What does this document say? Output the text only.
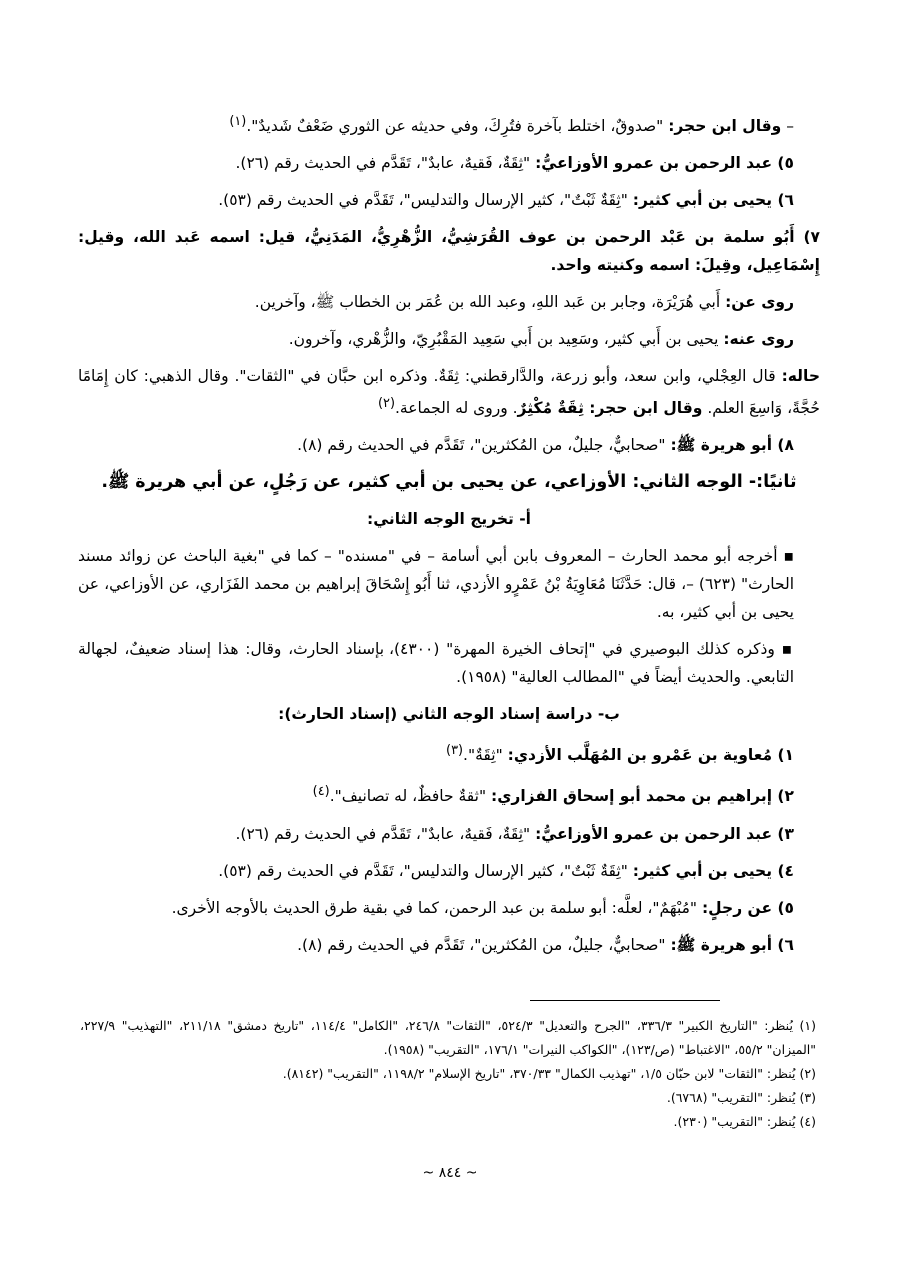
– وقال ابن حجر: "صدوقٌ، اختلط بآخرة فتُرِكَ، وفي حديثه عن الثوري ضَعْفٌ شَديدٌ".$^{(١)}$

٥) عبد الرحمن بن عمرو الأوزاعيُّ: "ثِقَةٌ، فَقيهٌ، عابدٌ"، تَقَدَّم في الحديث رقم (٢٦).

٦) يحيى بن أبي كثير: "ثِقَةٌ ثَبْتٌ"، كثير الإرسال والتدليس"، تَقَدَّم في الحديث رقم (٥٣).

٧) أَبُو سلمة بن عَبْد الرحمن بن عوف القُرَشِيُّ، الزُّهْرِيُّ، المَدَنِيُّ، قيل: اسمه عَبد الله، وقيل: إِسْمَاعِيل، وقِيلَ: اسمه وكنيته واحد.

روى عن: أَبي هُرَيْرَة، وجابر بن عَبد اللهِ، وعبد الله بن عُمَر بن الخطاب ﷺ، وآخرين.

روى عنه: يحيى بن أَبي كثير، وسَعِيد بن أَبي سَعِيد المَقْبُرِيّ، والزُّهْري، وآخرون.

حاله: قال العِجْلي، وابن سعد، وأبو زرعة، والدَّارقطني: ثِقَةٌ. وذكره ابن حبَّان في "الثقات". وقال الذهبي: كان إِمَامًا حُجَّةً، وَاسِعَ العلم. وقال ابن حجر: ثِقَةٌ مُكْثِرٌ. وروى له الجماعة.$^{(٢)}$

٨) أبو هريرة ﷺ: "صحابيٌّ، جليلٌ، من المُكثرين"، تَقَدَّم في الحديث رقم (٨).

ثانيًا:- الوجه الثاني: الأوزاعي، عن يحيى بن أبي كثير، عن رَجُلٍ، عن أبي هريرة ﷺ.

أ- تخريج الوجه الثاني:

▪ أخرجه أبو محمد الحارث – المعروف بابن أبي أسامة – في "مسنده" – كما في "بغية الباحث عن زوائد مسند الحارث" (٦٢٣) –، قال: حَدَّثَنَا مُعَاوِيَةُ بْنُ عَمْرٍو الأزدي، ثنا أَبُو إِسْحَاقَ إبراهيم بن محمد الفَزَاري، عن الأوزاعي، عن يحيى بن أبي كثير، به.

▪ وذكره كذلك البوصيري في "إتحاف الخيرة المهرة" (٤٣٠٠)، بإسناد الحارث، وقال: هذا إسناد ضعيفٌ، لجهالة التابعي. والحديث أيضاً في "المطالب العالية" (١٩٥٨).

ب- دراسة إسناد الوجه الثاني (إسناد الحارث):

١) مُعاوية بن عَمْرو بن المُهَلَّب الأزدي: "ثِقَةٌ".$^{(٣)}$

٢) إبراهيم بن محمد أبو إسحاق الفزاري: "ثقةٌ حافظٌ، له تصانيف".$^{(٤)}$

٣) عبد الرحمن بن عمرو الأوزاعيُّ: "ثِقَةٌ، فَقيهٌ، عابدٌ"، تَقَدَّم في الحديث رقم (٢٦).

٤) يحيى بن أبي كثير: "ثِقَةٌ ثَبْتٌ"، كثير الإرسال والتدليس"، تَقَدَّم في الحديث رقم (٥٣).

٥) عن رجلٍ: "مُبْهَمٌ"، لعلَّه: أبو سلمة بن عبد الرحمن، كما في بقية طرق الحديث بالأوجه الأخرى.

٦) أبو هريرة ﷺ: "صحابيٌّ، جليلٌ، من المُكثرين"، تَقَدَّم في الحديث رقم (٨).

(١) يُنظر: "التاريخ الكبير" ٣٣٦/٣، "الجرح والتعديل" ٥٢٤/٣، "الثقات" ٢٤٦/٨، "الكامل" ١١٤/٤، "تاريخ دمشق" ٢١١/١٨، "التهذيب" ٢٢٧/٩، "الميزان" ٥٥/٢، "الاغتباط" (ص/١٢٣)، "الكواكب النيرات" ١٧٦/١، "التقريب" (١٩٥٨).

(٢) يُنظر: "الثقات" لابن حبّان ١/٥، "تهذيب الكمال" ٣٧٠/٣٣، "تاريخ الإسلام" ١١٩٨/٢، "التقريب" (٨١٤٢).

(٣) يُنظر: "التقريب" (٦٧٦٨).

(٤) يُنظر: "التقريب" (٢٣٠).

~ ٨٤٤ ~
